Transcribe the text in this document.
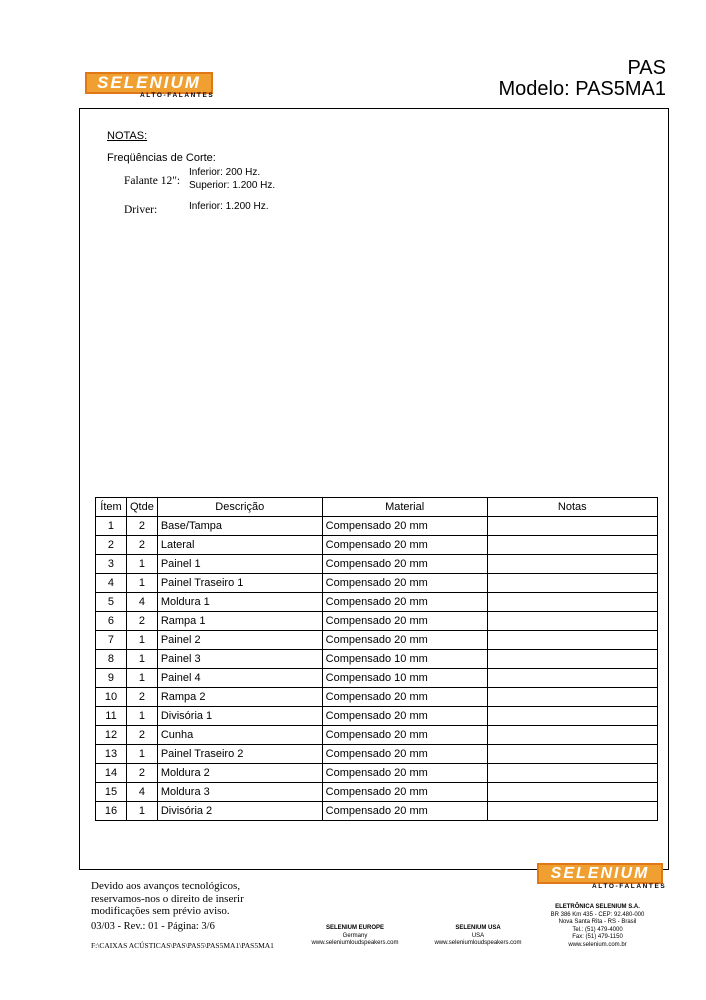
SELENIUM
ALTO-FALANTES
PAS
Modelo: PAS5MA1
NOTAS:
Freqüências de Corte:
Falante 12":
Inferior: 200 Hz.
Superior: 1.200 Hz.
Driver:	Inferior: 1.200 Hz.
Ítem	Qtde	Descrição	Material	Notas
1	2	Base/Tampa	Compensado 20 mm	
2	2	Lateral	Compensado 20 mm	
3	1	Painel 1	Compensado 20 mm	
4	1	Painel Traseiro 1	Compensado 20 mm	
5	4	Moldura 1	Compensado 20 mm	
6	2	Rampa 1	Compensado 20 mm	
7	1	Painel 2	Compensado 20 mm	
8	1	Painel 3	Compensado 10 mm	
9	1	Painel 4	Compensado 10 mm	
10	2	Rampa 2	Compensado 20 mm	
11	1	Divisória 1	Compensado 20 mm	
12	2	Cunha	Compensado 20 mm	
13	1	Painel Traseiro 2	Compensado 20 mm	
14	2	Moldura 2	Compensado 20 mm	
15	4	Moldura 3	Compensado 20 mm	
16	1	Divisória 2	Compensado 20 mm	
SELENIUM
ALTO-FALANTES
Devido aos avanços tecnológicos,
reservamos-nos o direito de inserir
modificações sem prévio aviso.
03/03 - Rev.: 01 - Página: 3/6
F:\CAIXAS ACÚSTICAS\PAS\PAS5\PAS5MA1\PAS5MA1
SELENIUM EUROPE
Germany
www.seleniumloudspeakers.com
SELENIUM USA
USA
www.seleniumloudspeakers.com
ELETRÔNICA SELENIUM S.A.
BR 386 Km 435 - CEP: 92.480-000
Nova Santa Rita - RS - Brasil
Tel.: (51) 479-4000
Fax: (51) 479-1150
www.selenium.com.br
